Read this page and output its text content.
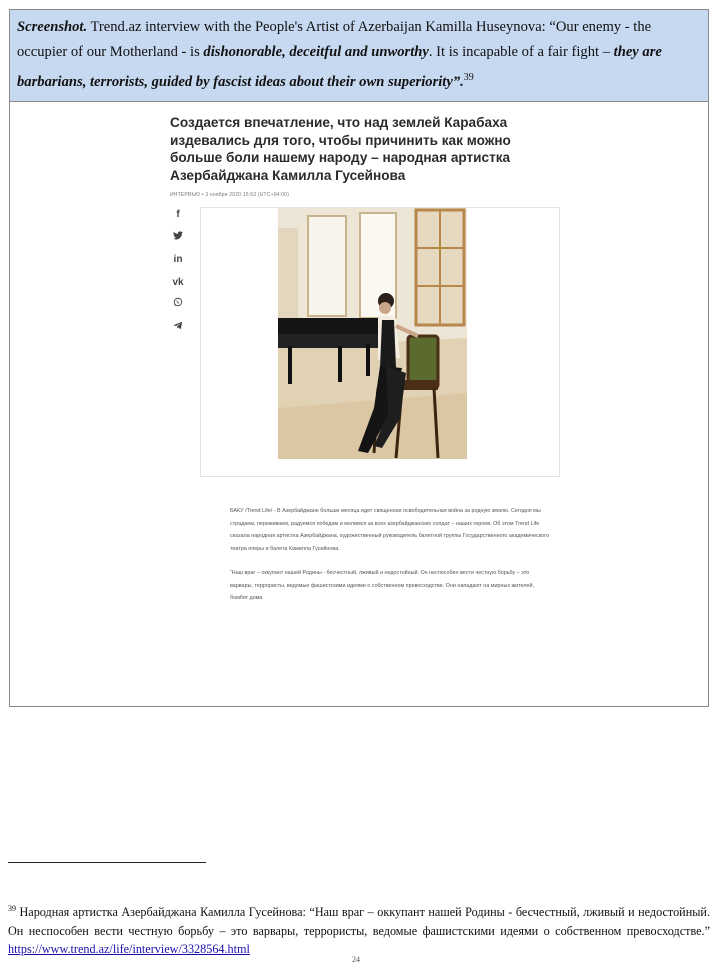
Screenshot. Trend.az interview with the People's Artist of Azerbaijan Kamilla Huseynova: “Our enemy - the occupier of our Motherland - is dishonorable, deceitful and unworthy. It is incapable of a fair fight – they are barbarians, terrorists, guided by fascist ideas about their own superiority”.$^{39}$
Создается впечатление, что над землей Карабаха издевались для того, чтобы причинить как можно больше боли нашему народу – народная артистка Азербайджана Камилла Гусейнова
ИНТЕРВЬЮ • 3 ноября 2020 15:53 (UTC+04:00)
f
in
vk

БАКУ /Trend Life/ - В Азербайджане больше месяца идет священная освободительная война за родную землю. Сегодня мы страдаем, переживаем, радуемся победам и молимся за всех азербайджанских солдат – наших героев. Об этом Trend Life сказала народная артистка Азербайджана, художественный руководитель балетной труппы Государственного академического театра оперы и балета Камилла Гусейнова.

“Наш враг – оккупант нашей Родины - бесчестный, лживый и недостойный. Он неспособен вести честную борьбу – это варвары, террористы, ведомые фашистскими идеями о собственном превосходстве. Они нападают на мирных жителей, бомбят дома

$^{39}$ Народная артистка Азербайджана Камилла Гусейнова: “Наш враг – оккупант нашей Родины - бесчестный, лживый и недостойный. Он неспособен вести честную борьбу – это варвары, террористы, ведомые фашистскими идеями о собственном превосходстве.” https://www.trend.az/life/interview/3328564.html
24
